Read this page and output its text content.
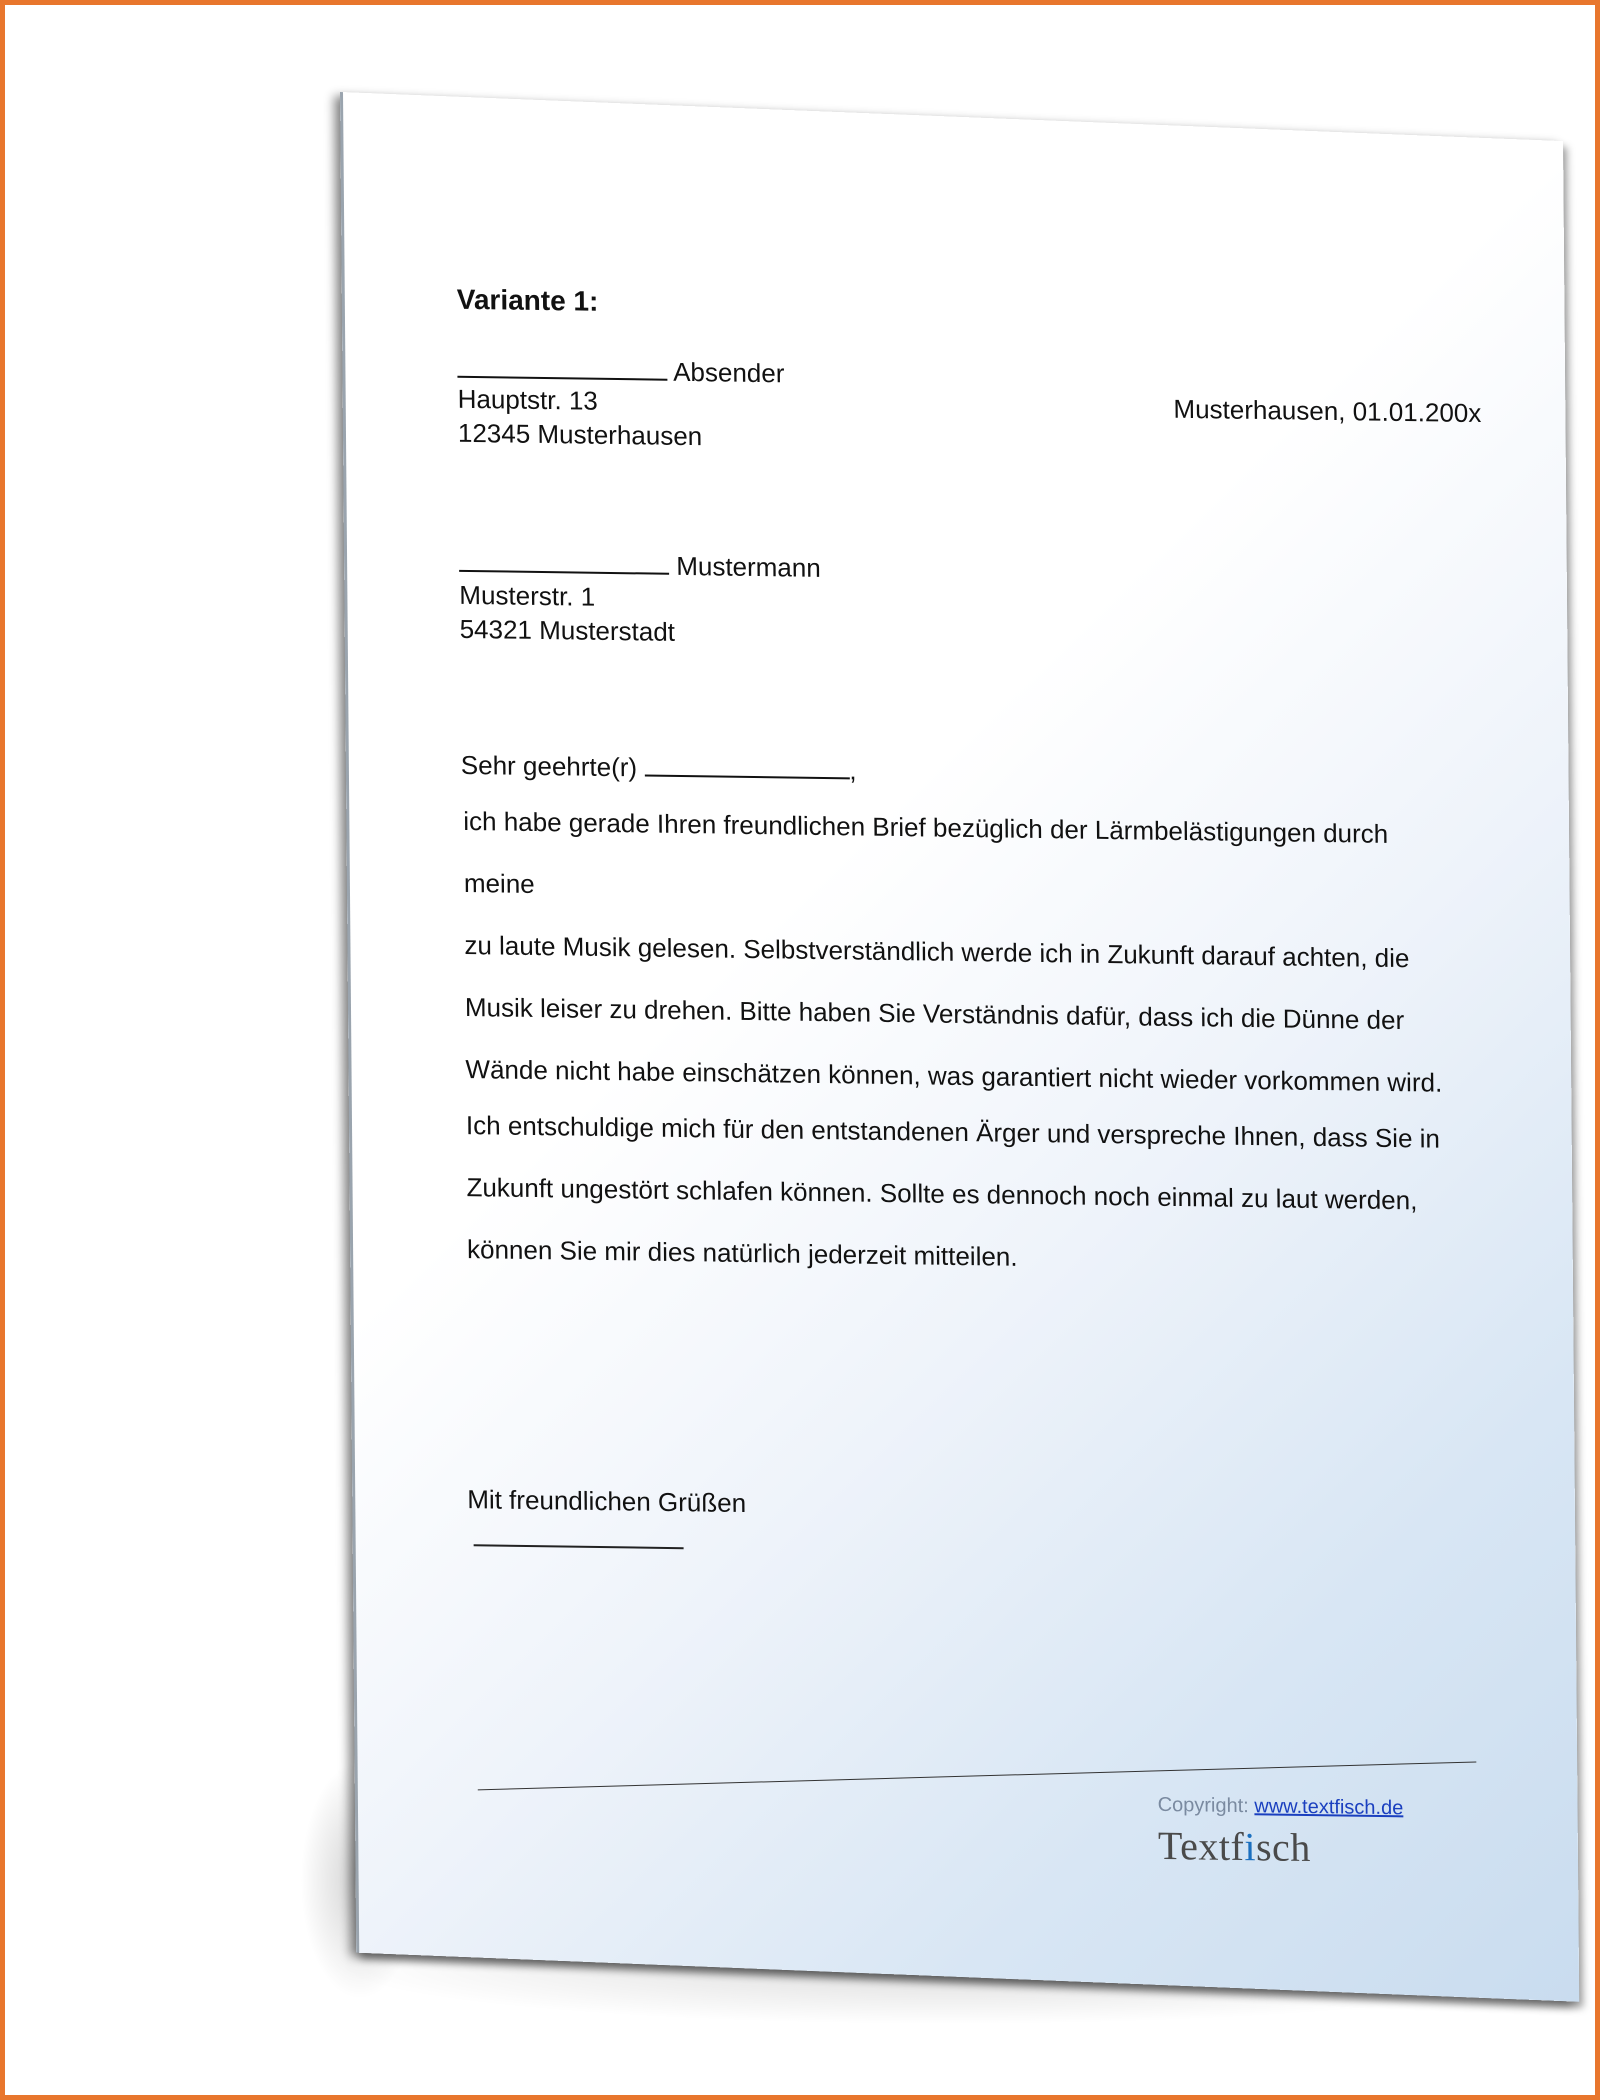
Variante 1:
Absender
Hauptstr. 13
12345 Musterhausen
Musterhausen, 01.01.200x
Mustermann
Musterstr. 1
54321 Musterstadt
Sehr geehrte(r)	,
ich habe gerade Ihren freundlichen Brief bezüglich der Lärmbelästigungen durch meine
zu laute Musik gelesen. Selbstverständlich werde ich in Zukunft darauf achten, die
Musik leiser zu drehen. Bitte haben Sie Verständnis dafür, dass ich die Dünne der
Wände nicht habe einschätzen können, was garantiert nicht wieder vorkommen wird.
Ich entschuldige mich für den entstandenen Ärger und verspreche Ihnen, dass Sie in
Zukunft ungestört schlafen können. Sollte es dennoch noch einmal zu laut werden,
können Sie mir dies natürlich jederzeit mitteilen.
Mit freundlichen Grüßen
Copyright: www.textfisch.de
Textfisch
